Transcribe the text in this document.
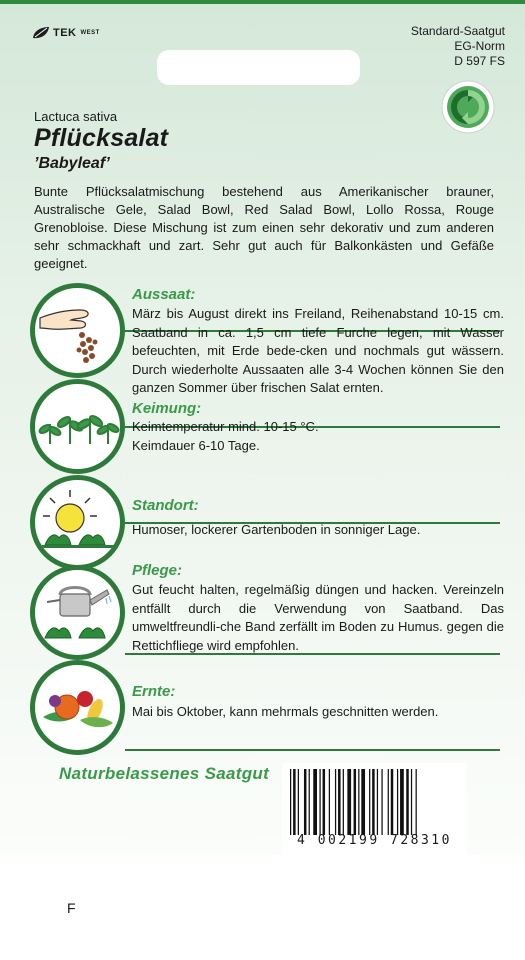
TEK WEST	Standard-Saatgut
EG-Norm
D 597 FS
Lactuca sativa
Pflücksalat
’Babyleaf’
Bunte Pflücksalatmischung bestehend aus Amerikanischer brauner, Australische Gele, Salad Bowl, Red Salad Bowl, Lollo Rossa, Rouge Grenobloise. Diese Mischung ist zum einen sehr dekorativ und zum anderen sehr schmackhaft und zart. Sehr gut auch für Balkonkästen und Gefäße geeignet.
Aussaat:
März bis August direkt ins Freiland, Reihenabstand 10-15 cm. Saatband in ca. 1,5 cm tiefe Furche legen, mit Wasser befeuchten, mit Erde bede-cken und nochmals gut wässern. Durch wiederholte Aussaaten alle 3-4 Wochen können Sie den ganzen Sommer über frischen Salat ernten.
Keimung:
Keimtemperatur mind. 10-15 °C.
Keimdauer 6-10 Tage.
Standort:
Humoser, lockerer Gartenboden in sonniger Lage.
Pflege:
Gut feucht halten, regelmäßig düngen und hacken. Vereinzeln entfällt durch die Verwendung von Saatband. Das umweltfreundli-che Band zerfällt im Boden zu Humus. gegen die Rettichfliege wird empfohlen.
Ernte:
Mai bis Oktober, kann mehrmals geschnitten werden.
Naturbelassenes Saatgut
4 002199 728310
F
